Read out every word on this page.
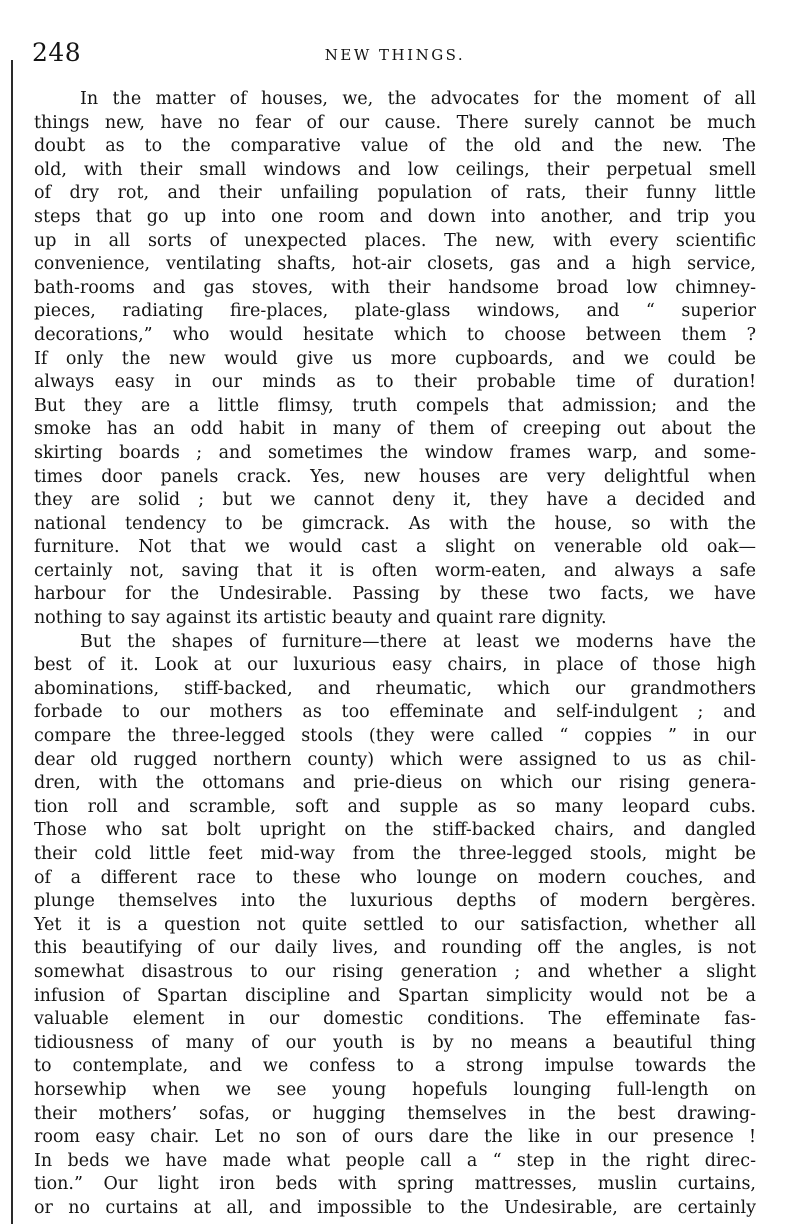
248	NEW THINGS.
In the matter of houses, we, the advocates for the moment of all
things new, have no fear of our cause. There surely cannot be much
doubt as to the comparative value of the old and the new. The
old, with their small windows and low ceilings, their perpetual smell
of dry rot, and their unfailing population of rats, their funny little
steps that go up into one room and down into another, and trip you
up in all sorts of unexpected places. The new, with every scientific
convenience, ventilating shafts, hot-air closets, gas and a high service,
bath-rooms and gas stoves, with their handsome broad low chimney-
pieces, radiating fire-places, plate-glass windows, and “ superior
decorations,” who would hesitate which to choose between them ?
If only the new would give us more cupboards, and we could be
always easy in our minds as to their probable time of duration!
But they are a little flimsy, truth compels that admission; and the
smoke has an odd habit in many of them of creeping out about the
skirting boards ; and sometimes the window frames warp, and some-
times door panels crack. Yes, new houses are very delightful when
they are solid ; but we cannot deny it, they have a decided and
national tendency to be gimcrack. As with the house, so with the
furniture. Not that we would cast a slight on venerable old oak—
certainly not, saving that it is often worm-eaten, and always a safe
harbour for the Undesirable. Passing by these two facts, we have
nothing to say against its artistic beauty and quaint rare dignity.
But the shapes of furniture—there at least we moderns have the
best of it. Look at our luxurious easy chairs, in place of those high
abominations, stiff-backed, and rheumatic, which our grandmothers
forbade to our mothers as too effeminate and self-indulgent ; and
compare the three-legged stools (they were called “ coppies ” in our
dear old rugged northern county) which were assigned to us as chil-
dren, with the ottomans and prie-dieus on which our rising genera-
tion roll and scramble, soft and supple as so many leopard cubs.
Those who sat bolt upright on the stiff-backed chairs, and dangled
their cold little feet mid-way from the three-legged stools, might be
of a different race to these who lounge on modern couches, and
plunge themselves into the luxurious depths of modern bergères.
Yet it is a question not quite settled to our satisfaction, whether all
this beautifying of our daily lives, and rounding off the angles, is not
somewhat disastrous to our rising generation ; and whether a slight
infusion of Spartan discipline and Spartan simplicity would not be a
valuable element in our domestic conditions. The effeminate fas-
tidiousness of many of our youth is by no means a beautiful thing
to contemplate, and we confess to a strong impulse towards the
horsewhip when we see young hopefuls lounging full-length on
their mothers’ sofas, or hugging themselves in the best drawing-
room easy chair. Let no son of ours dare the like in our presence !
In beds we have made what people call a “ step in the right direc-
tion.” Our light iron beds with spring mattresses, muslin curtains,
or no curtains at all, and impossible to the Undesirable, are certainly
